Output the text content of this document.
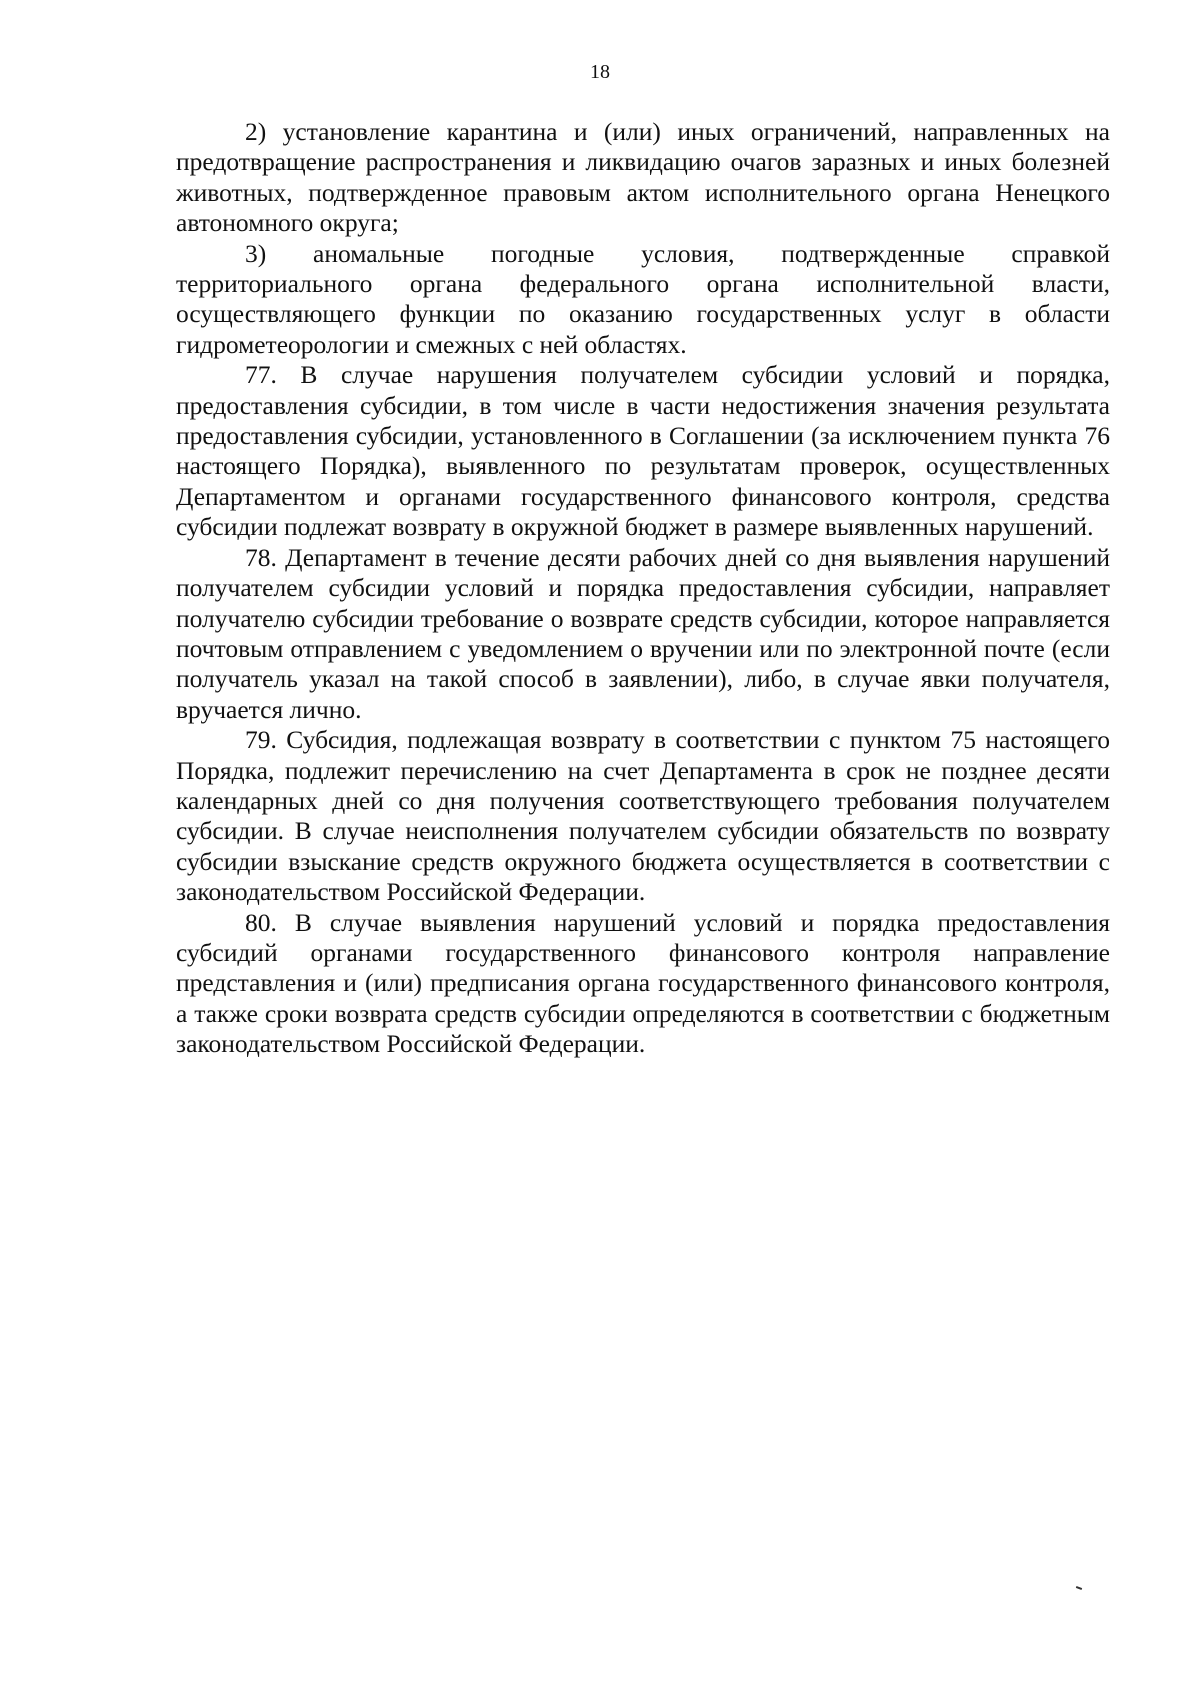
18

2) установление карантина и (или) иных ограничений, направленных на предотвращение распространения и ликвидацию очагов заразных и иных болезней животных, подтвержденное правовым актом исполнительного органа Ненецкого автономного округа;

3) аномальные погодные условия, подтвержденные справкой территориального органа федерального органа исполнительной власти, осуществляющего функции по оказанию государственных услуг в области гидрометеорологии и смежных с ней областях.

77. В случае нарушения получателем субсидии условий и порядка, предоставления субсидии, в том числе в части недостижения значения результата предоставления субсидии, установленного в Соглашении (за исключением пункта 76 настоящего Порядка), выявленного по результатам проверок, осуществленных Департаментом и органами государственного финансового контроля, средства субсидии подлежат возврату в окружной бюджет в размере выявленных нарушений.

78. Департамент в течение десяти рабочих дней со дня выявления нарушений получателем субсидии условий и порядка предоставления субсидии, направляет получателю субсидии требование о возврате средств субсидии, которое направляется почтовым отправлением с уведомлением о вручении или по электронной почте (если получатель указал на такой способ в заявлении), либо, в случае явки получателя, вручается лично.

79. Субсидия, подлежащая возврату в соответствии с пунктом 75 настоящего Порядка, подлежит перечислению на счет Департамента в срок не позднее десяти календарных дней со дня получения соответствующего требования получателем субсидии. В случае неисполнения получателем субсидии обязательств по возврату субсидии взыскание средств окружного бюджета осуществляется в соответствии с законодательством Российской Федерации.

80. В случае выявления нарушений условий и порядка предоставления субсидий органами государственного финансового контроля направление представления и (или) предписания органа государственного финансового контроля, а также сроки возврата средств субсидии определяются в соответствии с бюджетным законодательством Российской Федерации.
